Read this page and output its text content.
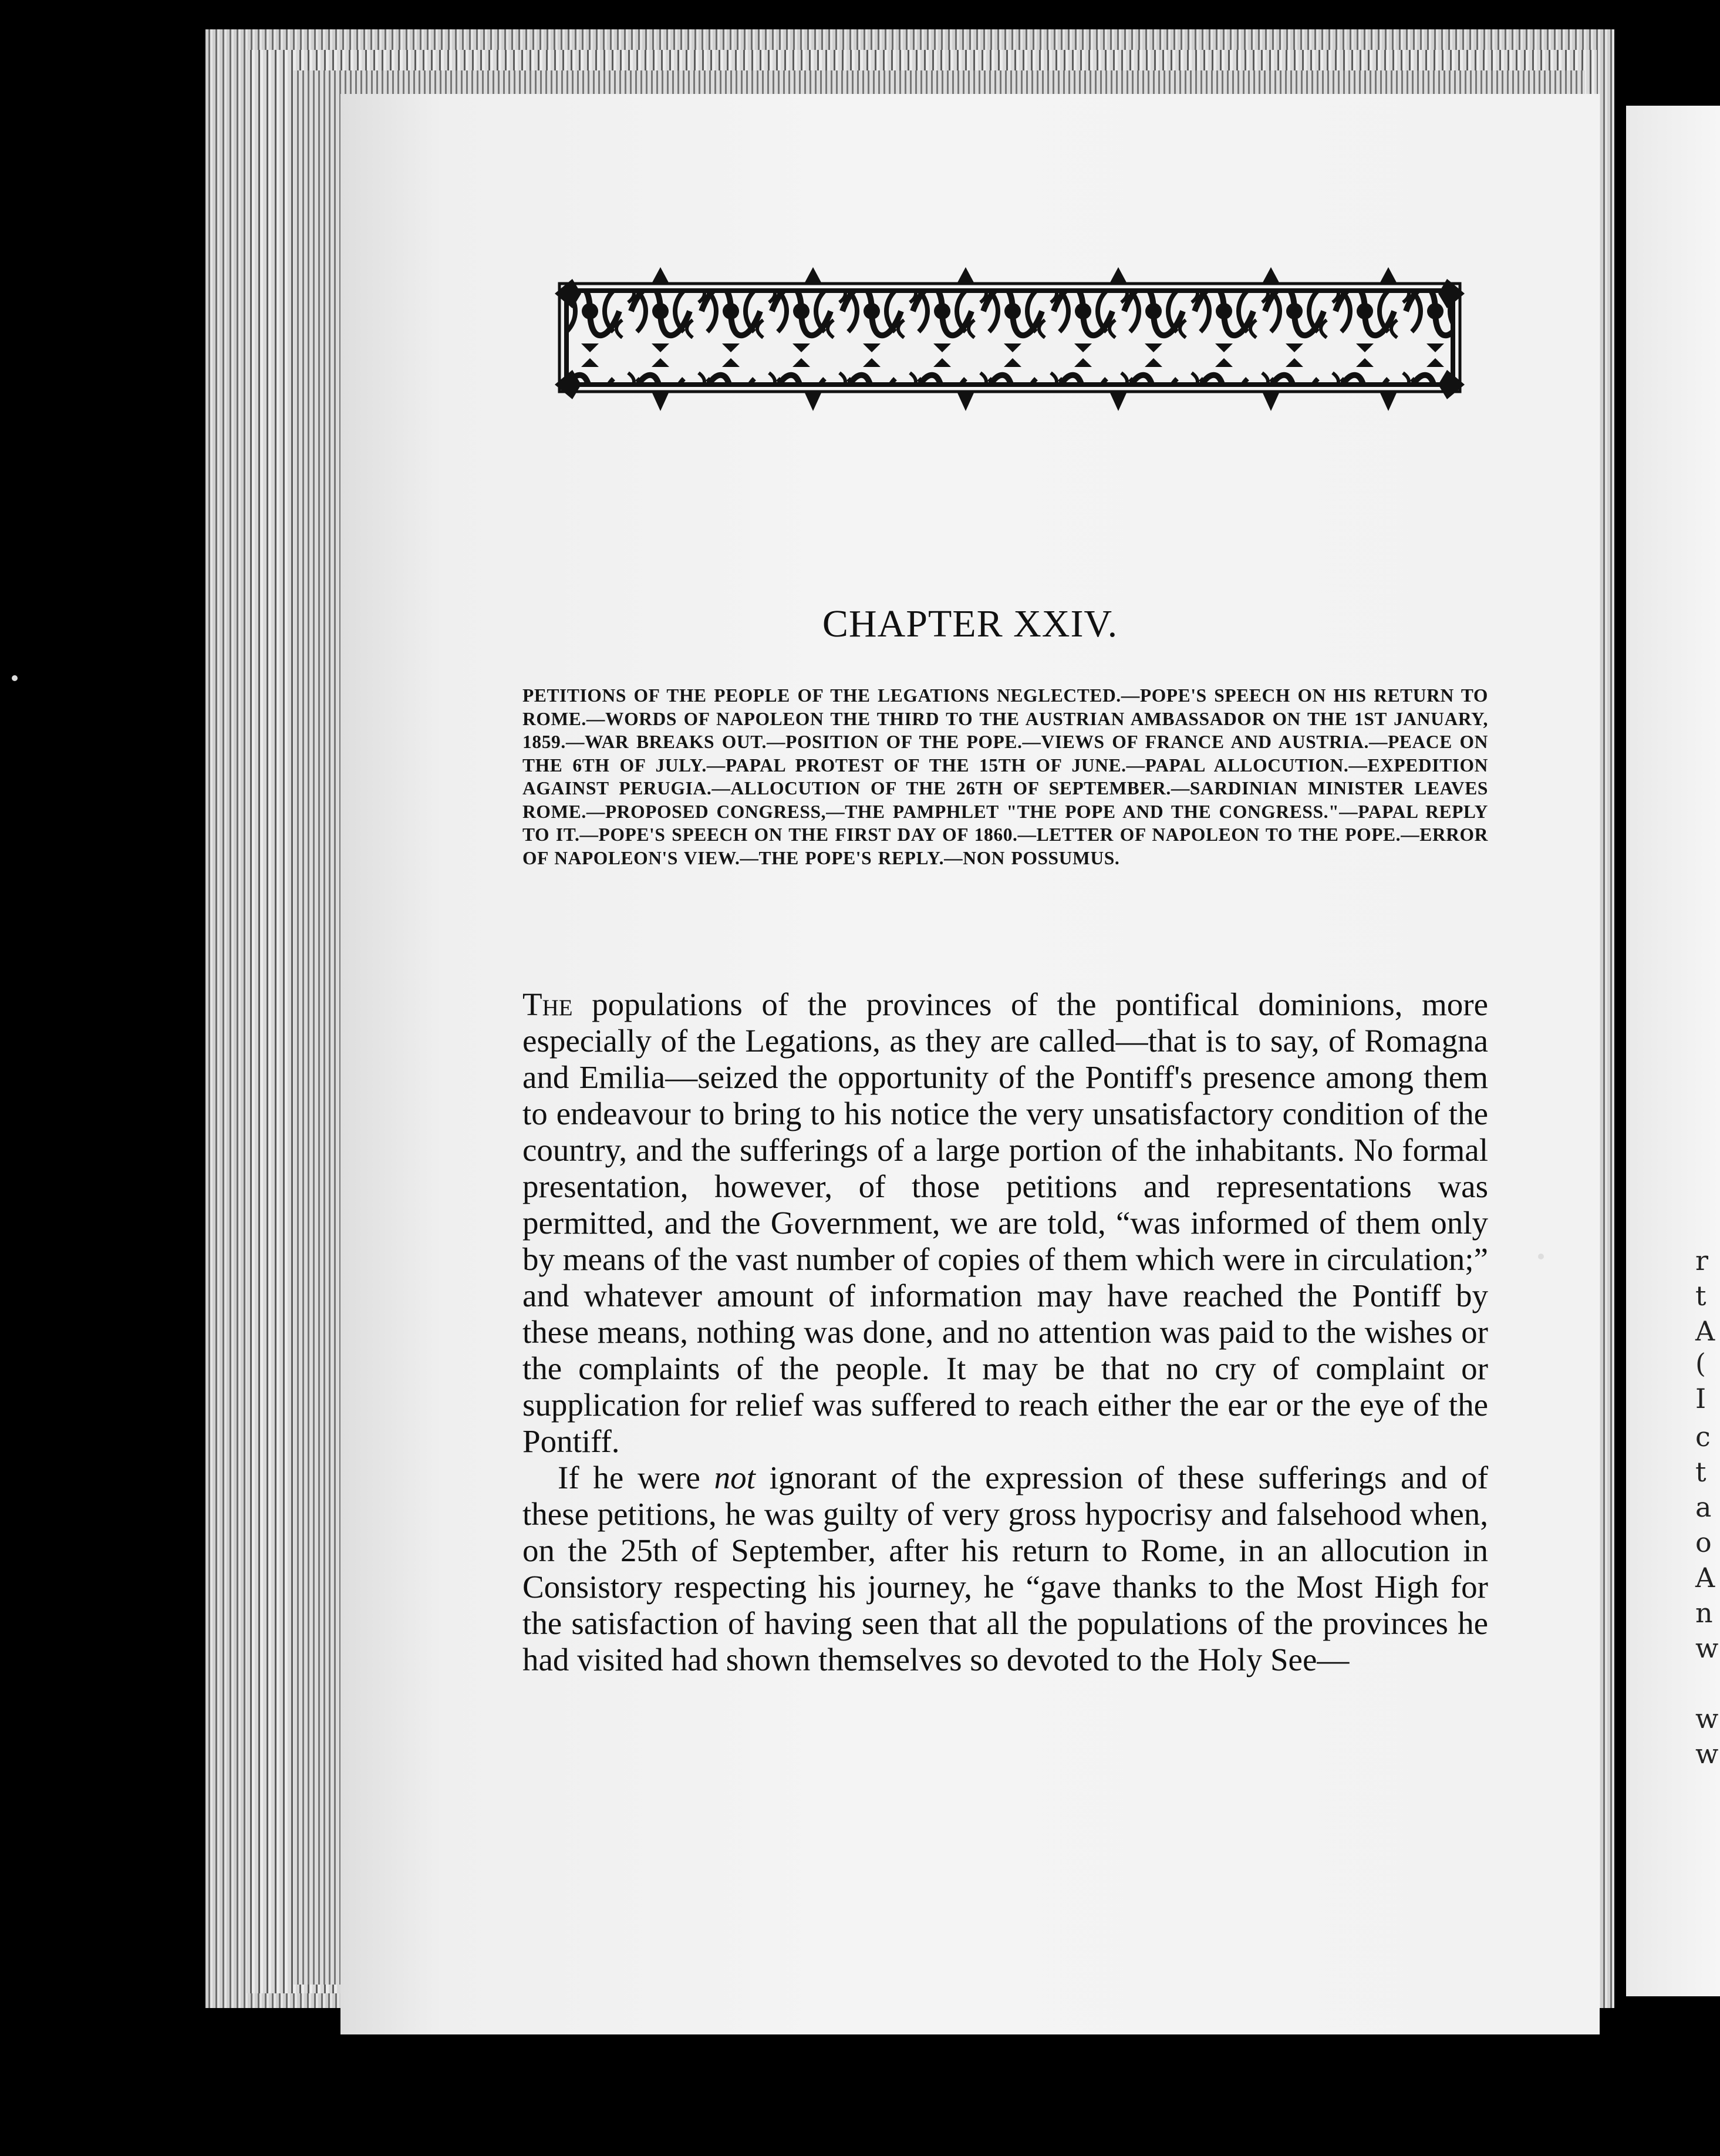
r
t
A
(
I
c
t
a
o
A
n
w
w
w
CHAPTER XXIV.
PETITIONS OF THE PEOPLE OF THE LEGATIONS NEGLECTED.—POPE'S SPEECH ON HIS RETURN TO ROME.—WORDS OF NAPOLEON THE THIRD TO THE AUSTRIAN AMBASSADOR ON THE 1ST JANUARY, 1859.—WAR BREAKS OUT.—POSITION OF THE POPE.—VIEWS OF FRANCE AND AUSTRIA.—PEACE ON THE 6TH OF JULY.—PAPAL PROTEST OF THE 15TH OF JUNE.—PAPAL ALLOCUTION.—EXPEDITION AGAINST PERUGIA.—ALLOCUTION OF THE 26TH OF SEPTEMBER.—SARDINIAN MINISTER LEAVES ROME.—PROPOSED CONGRESS,—THE PAMPHLET "THE POPE AND THE CONGRESS."—PAPAL REPLY TO IT.—POPE'S SPEECH ON THE FIRST DAY OF 1860.—LETTER OF NAPOLEON TO THE POPE.—ERROR OF NAPOLEON'S VIEW.—THE POPE'S REPLY.—NON POSSUMUS.

The populations of the provinces of the pontifical dominions, more especially of the Legations, as they are called—that is to say, of Romagna and Emilia—seized the opportunity of the Pontiff's presence among them to endeavour to bring to his notice the very unsatisfactory condition of the country, and the sufferings of a large portion of the inhabitants. No formal presentation, however, of those petitions and representations was permitted, and the Government, we are told, “was informed of them only by means of the vast number of copies of them which were in circulation;” and whatever amount of information may have reached the Pontiff by these means, nothing was done, and no attention was paid to the wishes or the complaints of the people. It may be that no cry of complaint or supplication for relief was suffered to reach either the ear or the eye of the Pontiff.

If he were not ignorant of the expression of these sufferings and of these petitions, he was guilty of very gross hypocrisy and falsehood when, on the 25th of September, after his return to Rome, in an allocution in Consistory respecting his journey, he “gave thanks to the Most High for the satisfaction of having seen that all the populations of the provinces he had visited had shown themselves so devoted to the Holy See—
